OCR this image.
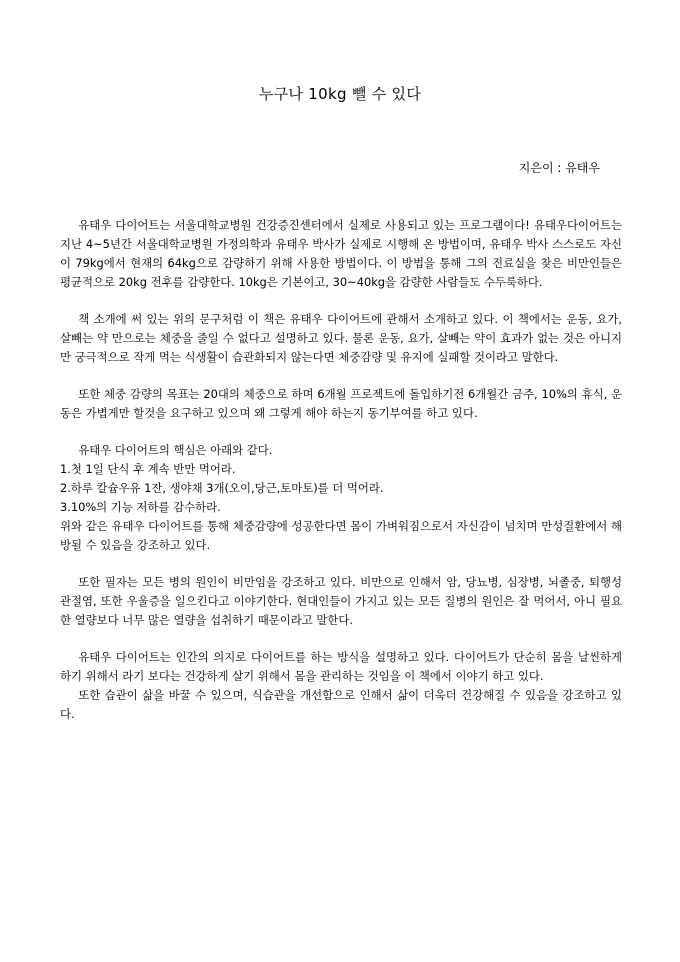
누구나 10kg 뺄 수 있다
지은이 : 유태우

유태우 다이어트는 서울대학교병원 건강증진센터에서 실제로 사용되고 있는 프로그램이다! 유태우다이어트는 지난 4~5년간 서울대학교병원 가정의학과 유태우 박사가 실제로 시행해 온 방법이며, 유태우 박사 스스로도 자신이 79kg에서 현재의 64kg으로 감량하기 위해 사용한 방법이다. 이 방법을 통해 그의 진료실을 찾은 비만인들은 평균적으로 20kg 전후를 감량한다. 10kg은 기본이고, 30~40kg을 감량한 사람들도 수두룩하다.

책 소개에 써 있는 위의 문구처럼 이 책은 유태우 다이어트에 관해서 소개하고 있다. 이 책에서는 운동, 요가, 살빼는 약 만으로는 체중을 줄일 수 없다고 설명하고 있다. 물론 운동, 요가, 살빼는 약이 효과가 없는 것은 아니지만 궁극적으로 작게 먹는 식생활이 습관화되지 않는다면 체중감량 및 유지에 실패할 것이라고 말한다.

또한 체중 감량의 목표는 20대의 체중으로 하며 6개월 프로젝트에 돌입하기전 6개월간 금주, 10%의 휴식, 운동은 가볍게만 할것을 요구하고 있으며 왜 그렇게 해야 하는지 동기부여를 하고 있다.

유태우 다이어트의 핵심은 아래와 같다.

1.첫 1일 단식 후 계속 반만 먹어라.

2.하루 칼슘우유 1잔, 생야채 3개(오이,당근,토마토)를 더 먹어라.

3.10%의 기능 저하를 감수하라.

위와 같은 유태우 다이어트를 통해 체중감량에 성공한다면 몸이 가벼워짐으로서 자신감이 넘치며 만성질환에서 해방될 수 있음을 강조하고 있다.

또한 필자는 모든 병의 원인이 비만임을 강조하고 있다. 비만으로 인해서 암, 당뇨병, 심장병, 뇌졸중, 퇴행성 관절염, 또한 우울증을 일으킨다고 이야기한다. 현대인들이 가지고 있는 모든 질병의 원인은 잘 먹어서, 아니 필요한 열량보다 너무 많은 열량을 섭취하기 때문이라고 말한다.

유태우 다이어트는 인간의 의지로 다이어트를 하는 방식을 설명하고 있다. 다이어트가 단순히 몸을 날씬하게 하기 위해서 라기 보다는 건강하게 살기 위해서 몸을 관리하는 것임을 이 책에서 이야기 하고 있다.

또한 습관이 삶을 바꿀 수 있으며, 식습관을 개선함으로 인해서 삶이 더욱더 건강해질 수 있음을 강조하고 있다.
